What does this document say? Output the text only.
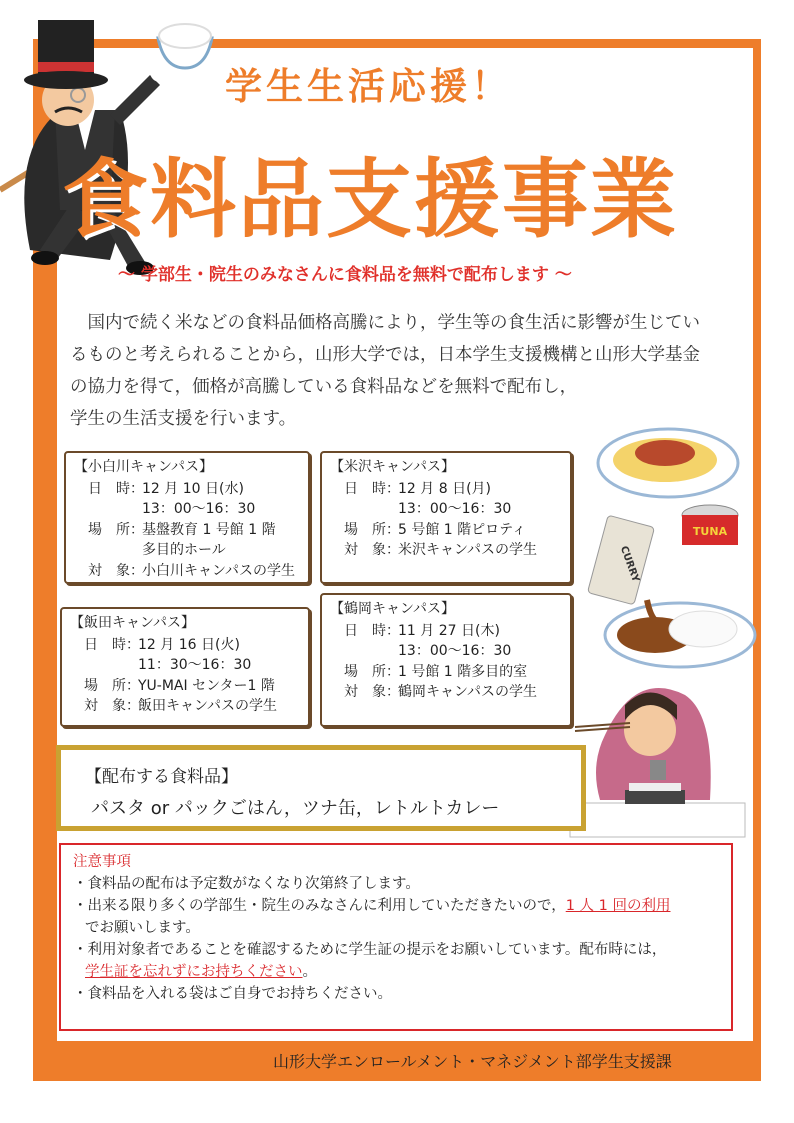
学生生活応援！
食料品支援事業
～ 学部生・院生のみなさんに食料品を無料で配布します ～

　国内で続く米などの食料品価格高騰により，学生等の食生活に影響が生じてい

るものと考えられることから，山形大学では，日本学生支援機構と山形大学基金

の協力を得て，価格が高騰している食料品などを無料で配布し，

学生の生活支援を行います。

【小白川キャンパス】
日　時：
12 月 10 日(水)
13：00～16：30
場　所：
基盤教育 1 号館 1 階
多目的ホール
対　象：
小白川キャンパスの学生
【米沢キャンパス】
日　時：
12 月 8 日(月)
13：00～16：30
場　所：
5 号館 1 階ピロティ
対　象：
米沢キャンパスの学生
【飯田キャンパス】
日　時：
12 月 16 日(火)
11：30～16：30
場　所：
YU-MAI センター1 階
対　象：
飯田キャンパスの学生
【鶴岡キャンパス】
日　時：
11 月 27 日(木)
13：00～16：30
場　所：
1 号館 1 階多目的室
対　象：
鶴岡キャンパスの学生
TUNA
CURRY
【配布する食料品】
パスタ or パックごはん，ツナ缶，レトルトカレー
注意事項
・食料品の配布は予定数がなくなり次第終了します。
・出来る限り多くの学部生・院生のみなさんに利用していただきたいので，1 人 1 回の利用
でお願いします。
・利用対象者であることを確認するために学生証の提示をお願いしています。配布時には，
学生証を忘れずにお持ちください。
・食料品を入れる袋はご自身でお持ちください。
山形大学エンロールメント・マネジメント部学生支援課
